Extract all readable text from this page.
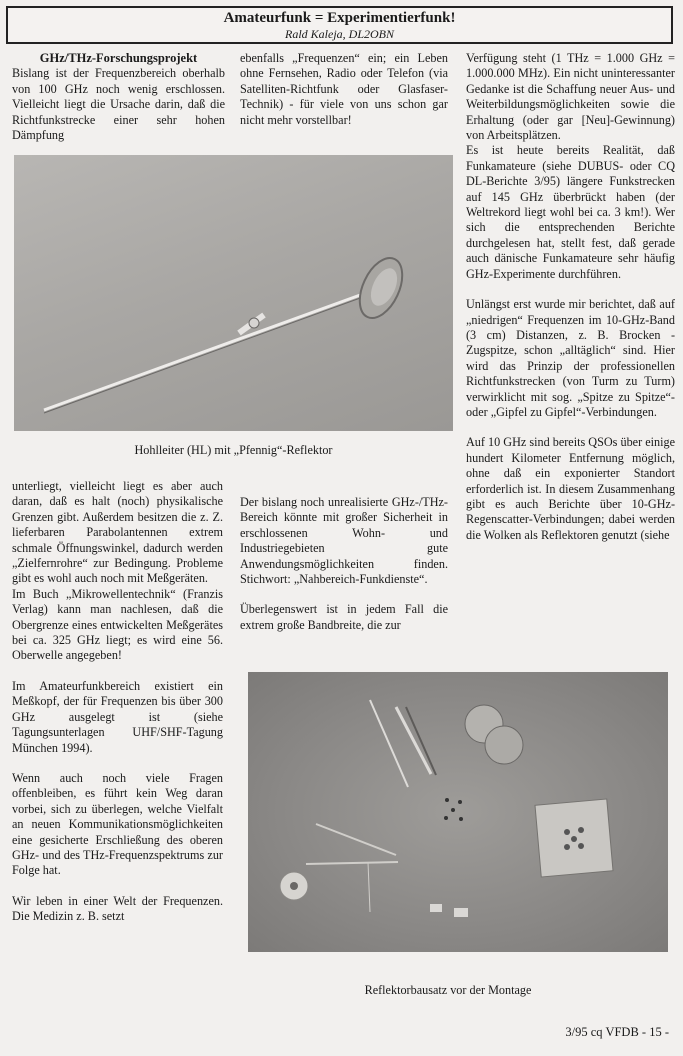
Amateurfunk = Experimentierfunk!
Rald Kaleja, DL2OBN

GHz/THz-Forschungsprojekt

Bislang ist der Frequenzbereich oberhalb von 100 GHz noch wenig erschlossen. Vielleicht liegt die Ursache darin, daß die Richtfunkstrecke einer sehr hohen Dämpfung

ebenfalls „Frequenzen“ ein; ein Leben ohne Fernsehen, Radio oder Telefon (via Satelliten-Richtfunk oder Glasfaser-Technik) - für viele von uns schon gar nicht mehr vorstellbar!

Verfügung steht (1 THz = 1.000 GHz = 1.000.000 MHz). Ein nicht uninteressanter Gedanke ist die Schaffung neuer Aus- und Weiterbildungsmöglichkeiten sowie die Erhaltung (oder gar [Neu]-Gewinnung) von Arbeitsplätzen.

Es ist heute bereits Realität, daß Funkamateure (siehe DUBUS- oder CQ DL-Berichte 3/95) längere Funkstrecken auf 145 GHz überbrückt haben (der Weltrekord liegt wohl bei ca. 3 km!). Wer sich die entsprechenden Berichte durchgelesen hat, stellt fest, daß gerade auch dänische Funkamateure sehr häufig GHz-Experimente durchführen.

Unlängst erst wurde mir berichtet, daß auf „niedrigen“ Frequenzen im 10-GHz-Band (3 cm) Distanzen, z. B. Brocken - Zugspitze, schon „alltäglich“ sind. Hier wird das Prinzip der professionellen Richtfunkstrecken (von Turm zu Turm) verwirklicht mit sog. „Spitze zu Spitze“- oder „Gipfel zu Gipfel“-Verbindungen.

Auf 10 GHz sind bereits QSOs über einige hundert Kilometer Entfernung möglich, ohne daß ein exponierter Standort erforderlich ist. In diesem Zusammenhang gibt es auch Berichte über 10-GHz-Regenscatter-Verbindungen; dabei werden die Wolken als Reflektoren genutzt (siehe

Hohlleiter (HL) mit „Pfennig“-Reflektor

unterliegt, vielleicht liegt es aber auch daran, daß es halt (noch) physikalische Grenzen gibt. Außerdem besitzen die z. Z. lieferbaren Parabolantennen extrem schmale Öffnungswinkel, dadurch werden „Zielfernrohre“ zur Bedingung. Probleme gibt es wohl auch noch mit Meßgeräten.

Im Buch „Mikrowellentechnik“ (Franzis Verlag) kann man nachlesen, daß die Obergrenze eines entwickelten Meßgerätes bei ca. 325 GHz liegt; es wird eine 56. Oberwelle angegeben!

Im Amateurfunkbereich existiert ein Meßkopf, der für Frequenzen bis über 300 GHz ausgelegt ist (siehe Tagungsunterlagen UHF/SHF-Tagung München 1994).

Wenn auch noch viele Fragen offenbleiben, es führt kein Weg daran vorbei, sich zu überlegen, welche Vielfalt an neuen Kommunikationsmöglichkeiten eine gesicherte Erschließung des oberen GHz- und des THz-Frequenzspektrums zur Folge hat.

Wir leben in einer Welt der Frequenzen. Die Medizin z. B. setzt

Der bislang noch unrealisierte GHz-/THz-Bereich könnte mit großer Sicherheit in erschlossenen Wohn- und Industriegebieten gute Anwendungsmöglichkeiten finden. Stichwort: „Nahbereich-Funkdienste“.

Überlegenswert ist in jedem Fall die extrem große Bandbreite, die zur

Reflektorbausatz vor der Montage
3/95 cq VFDB - 15 -
